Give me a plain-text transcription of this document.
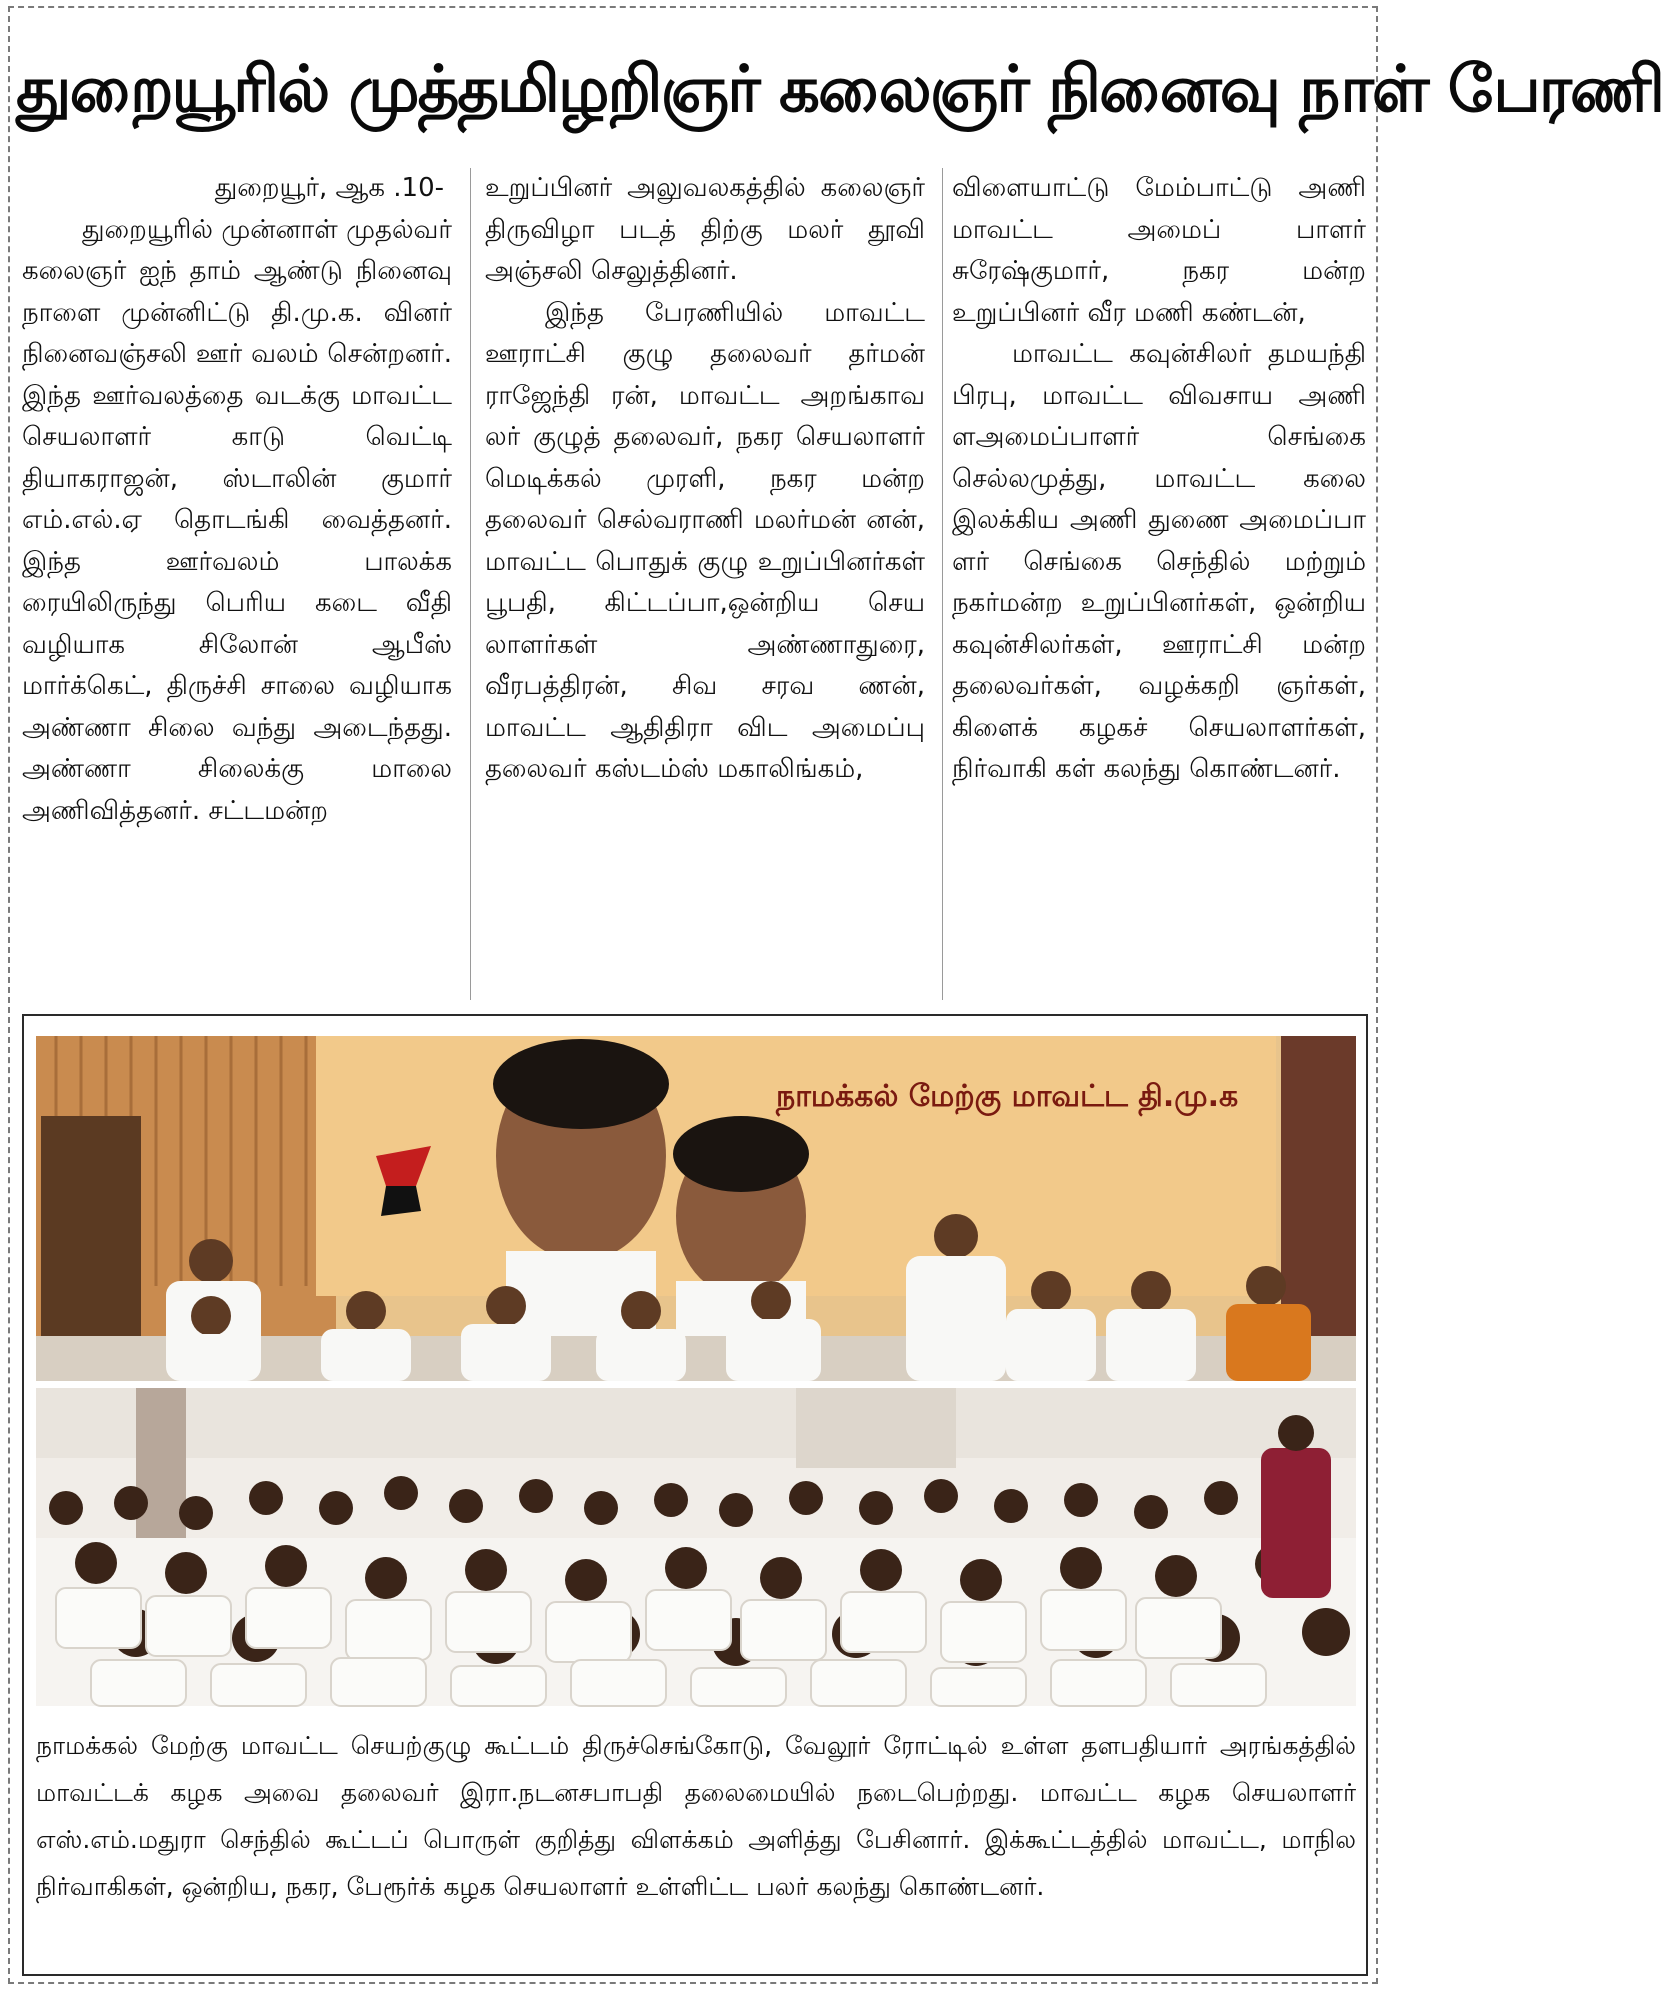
துறையூரில் முத்தமிழறிஞர் கலைஞர் நினைவு நாள் பேரணி

துறையூர், ஆக .10-

துறையூரில் முன்னாள் முதல்வர் கலைஞர் ஐந் தாம் ஆண்டு நினைவு நாளை முன்னிட்டு தி.மு.க. வினர் நினைவஞ்சலி ஊர் வலம் சென்றனர். இந்த ஊர்வலத்தை வடக்கு மாவட்ட செயலாளர் காடு வெட்டி தியாகராஜன், ஸ்டாலின் குமார் எம்.எல்.ஏ தொடங்கி வைத்தனர். இந்த ஊர்வலம் பாலக்க ரையிலிருந்து பெரிய கடை வீதி வழியாக சிலோன் ஆபீஸ் மார்க்கெட், திருச்சி சாலை வழியாக அண்ணா சிலை வந்து அடைந்தது. அண்ணா சிலைக்கு மாலை அணிவித்தனர். சட்டமன்ற

உறுப்பினர் அலுவலகத்தில் கலைஞர் திருவிழா படத் திற்கு மலர் தூவி அஞ்சலி செலுத்தினர்.

இந்த பேரணியில் மாவட்ட ஊராட்சி குழு தலைவர் தர்மன் ராஜேந்தி ரன், மாவட்ட அறங்காவ லர் குழுத் தலைவர், நகர செயலாளர் மெடிக்கல் முரளி, நகர மன்ற தலைவர் செல்வராணி மலர்மன் னன், மாவட்ட பொதுக் குழு உறுப்பினர்கள் பூபதி, கிட்டப்பா,ஒன்றிய செய லாளர்கள் அண்ணாதுரை, வீரபத்திரன், சிவ சரவ ணன், மாவட்ட ஆதிதிரா விட அமைப்பு தலைவர் கஸ்டம்ஸ் மகாலிங்கம்,

விளையாட்டு மேம்பாட்டு அணி மாவட்ட அமைப் பாளர் சுரேஷ்குமார், நகர மன்ற உறுப்பினர் வீர மணி கண்டன்,

மாவட்ட கவுன்சிலர் தமயந்தி பிரபு, மாவட்ட விவசாய அணி ளஅமைப்பாளர் செங்கை செல்லமுத்து, மாவட்ட கலை இலக்கிய அணி துணை அமைப்பா ளர் செங்கை செந்தில் மற்றும் நகர்மன்ற உறுப்பினர்கள், ஒன்றிய கவுன்சிலர்கள், ஊராட்சி மன்ற தலைவர்கள், வழக்கறி ஞர்கள், கிளைக் கழகச் செயலாளர்கள், நிர்வாகி கள் கலந்து கொண்டனர்.

நாமக்கல் மேற்கு மாவட்ட தி.மு.க

நாமக்கல் மேற்கு மாவட்ட செயற்குழு கூட்டம் திருச்செங்கோடு, வேலூர் ரோட்டில் உள்ள தளபதியார் அரங்கத்தில் மாவட்டக் கழக அவை தலைவர் இரா.நடனசபாபதி தலைமையில் நடைபெற்றது. மாவட்ட கழக செயலாளர் எஸ்.எம்.மதுரா செந்தில் கூட்டப் பொருள் குறித்து விளக்கம் அளித்து பேசினார். இக்கூட்டத்தில் மாவட்ட, மாநில நிர்வாகிகள், ஒன்றிய, நகர, பேரூர்க் கழக செயலாளர் உள்ளிட்ட பலர் கலந்து கொண்டனர்.
